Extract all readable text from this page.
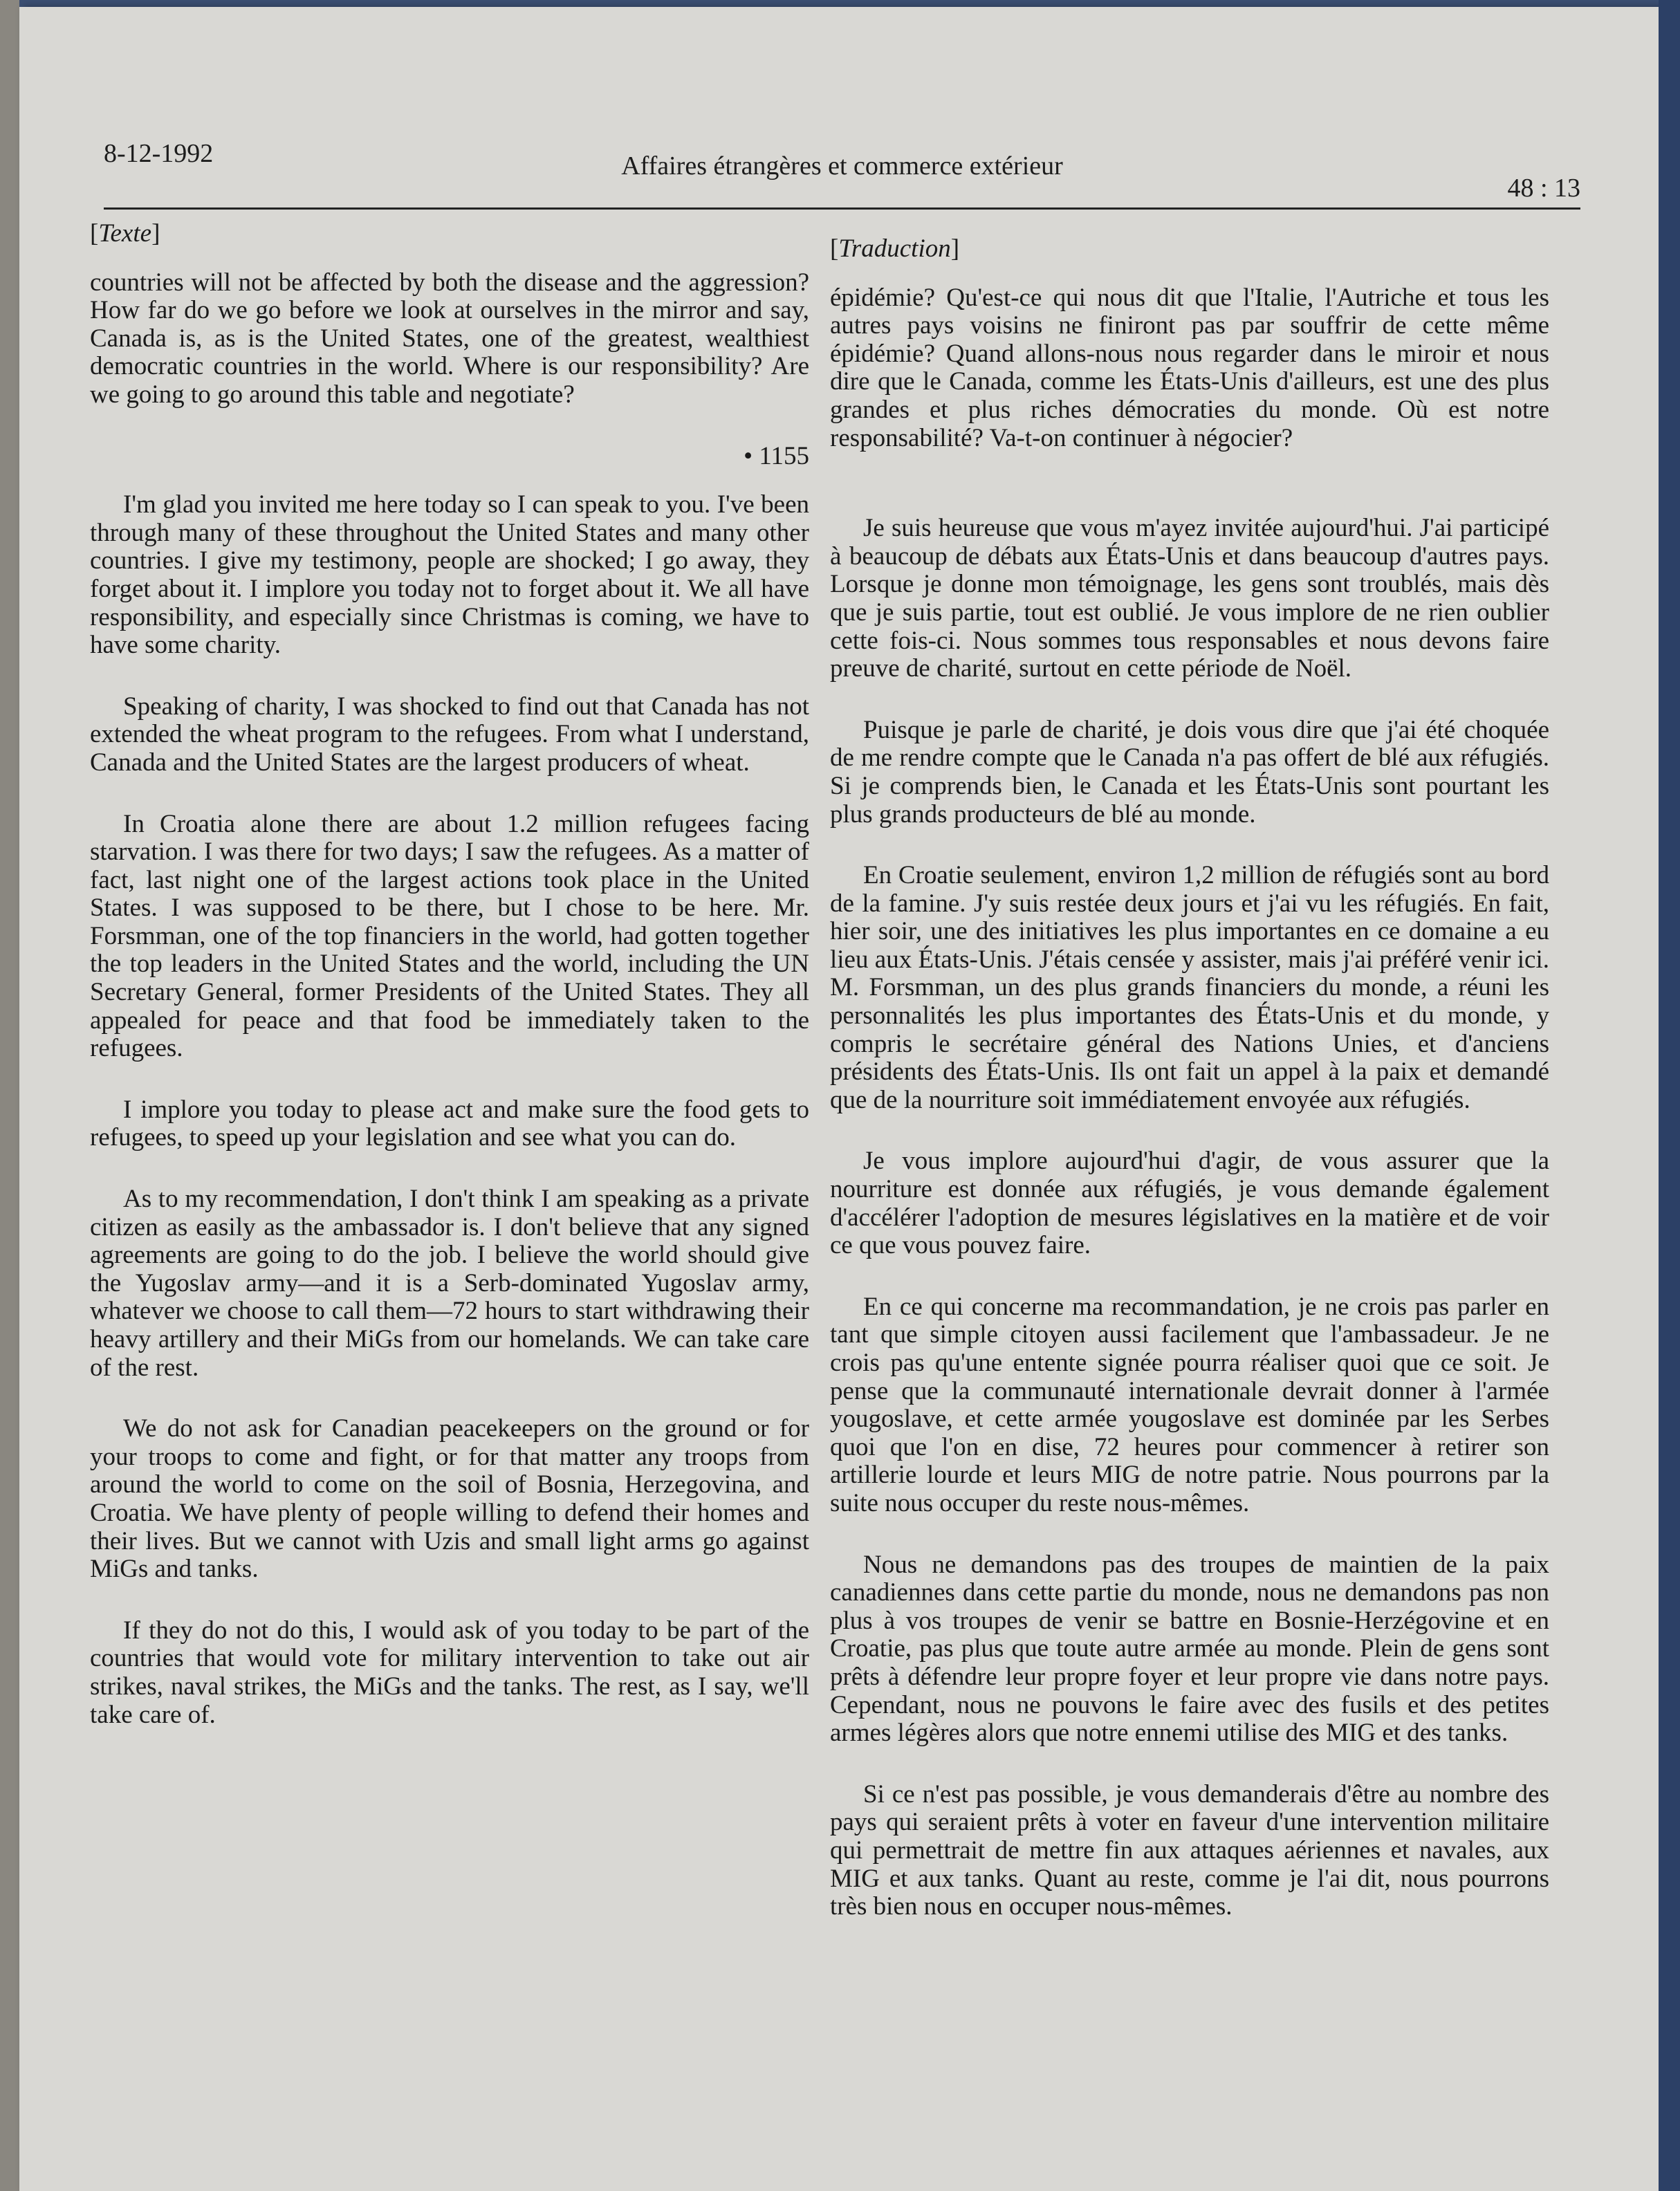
8-12-1992	Affaires étrangères et commerce extérieur
48 : 13
[Texte]

countries will not be affected by both the disease and the aggression? How far do we go before we look at ourselves in the mirror and say, Canada is, as is the United States, one of the greatest, wealthiest democratic countries in the world. Where is our responsibility? Are we going to go around this table and negotiate?

• 1155

I'm glad you invited me here today so I can speak to you. I've been through many of these throughout the United States and many other countries. I give my testimony, people are shocked; I go away, they forget about it. I implore you today not to forget about it. We all have responsibility, and especially since Christmas is coming, we have to have some charity.

Speaking of charity, I was shocked to find out that Canada has not extended the wheat program to the refugees. From what I understand, Canada and the United States are the largest producers of wheat.

In Croatia alone there are about 1.2 million refugees facing starvation. I was there for two days; I saw the refugees. As a matter of fact, last night one of the largest actions took place in the United States. I was supposed to be there, but I chose to be here. Mr. Forsmman, one of the top financiers in the world, had gotten together the top leaders in the United States and the world, including the UN Secretary General, former Presidents of the United States. They all appealed for peace and that food be immediately taken to the refugees.

I implore you today to please act and make sure the food gets to refugees, to speed up your legislation and see what you can do.

As to my recommendation, I don't think I am speaking as a private citizen as easily as the ambassador is. I don't believe that any signed agreements are going to do the job. I believe the world should give the Yugoslav army—and it is a Serb-dominated Yugoslav army, whatever we choose to call them—72 hours to start withdrawing their heavy artillery and their MiGs from our homelands. We can take care of the rest.

We do not ask for Canadian peacekeepers on the ground or for your troops to come and fight, or for that matter any troops from around the world to come on the soil of Bosnia, Herzegovina, and Croatia. We have plenty of people willing to defend their homes and their lives. But we cannot with Uzis and small light arms go against MiGs and tanks.

If they do not do this, I would ask of you today to be part of the countries that would vote for military intervention to take out air strikes, naval strikes, the MiGs and the tanks. The rest, as I say, we'll take care of.

[Traduction]

épidémie? Qu'est-ce qui nous dit que l'Italie, l'Autriche et tous les autres pays voisins ne finiront pas par souffrir de cette même épidémie? Quand allons-nous nous regarder dans le miroir et nous dire que le Canada, comme les États-Unis d'ailleurs, est une des plus grandes et plus riches démocraties du monde. Où est notre responsabilité? Va-t-on continuer à négocier?

Je suis heureuse que vous m'ayez invitée aujourd'hui. J'ai participé à beaucoup de débats aux États-Unis et dans beaucoup d'autres pays. Lorsque je donne mon témoignage, les gens sont troublés, mais dès que je suis partie, tout est oublié. Je vous implore de ne rien oublier cette fois-ci. Nous sommes tous responsables et nous devons faire preuve de charité, surtout en cette période de Noël.

Puisque je parle de charité, je dois vous dire que j'ai été choquée de me rendre compte que le Canada n'a pas offert de blé aux réfugiés. Si je comprends bien, le Canada et les États-Unis sont pourtant les plus grands producteurs de blé au monde.

En Croatie seulement, environ 1,2 million de réfugiés sont au bord de la famine. J'y suis restée deux jours et j'ai vu les réfugiés. En fait, hier soir, une des initiatives les plus importantes en ce domaine a eu lieu aux États-Unis. J'étais censée y assister, mais j'ai préféré venir ici. M. Forsmman, un des plus grands financiers du monde, a réuni les personnalités les plus importantes des États-Unis et du monde, y compris le secrétaire général des Nations Unies, et d'anciens présidents des États-Unis. Ils ont fait un appel à la paix et demandé que de la nourriture soit immédiatement envoyée aux réfugiés.

Je vous implore aujourd'hui d'agir, de vous assurer que la nourriture est donnée aux réfugiés, je vous demande également d'accélérer l'adoption de mesures législatives en la matière et de voir ce que vous pouvez faire.

En ce qui concerne ma recommandation, je ne crois pas parler en tant que simple citoyen aussi facilement que l'ambassadeur. Je ne crois pas qu'une entente signée pourra réaliser quoi que ce soit. Je pense que la communauté internationale devrait donner à l'armée yougoslave, et cette armée yougoslave est dominée par les Serbes quoi que l'on en dise, 72 heures pour commencer à retirer son artillerie lourde et leurs MIG de notre patrie. Nous pourrons par la suite nous occuper du reste nous-mêmes.

Nous ne demandons pas des troupes de maintien de la paix canadiennes dans cette partie du monde, nous ne demandons pas non plus à vos troupes de venir se battre en Bosnie-Herzégovine et en Croatie, pas plus que toute autre armée au monde. Plein de gens sont prêts à défendre leur propre foyer et leur propre vie dans notre pays. Cependant, nous ne pouvons le faire avec des fusils et des petites armes légères alors que notre ennemi utilise des MIG et des tanks.

Si ce n'est pas possible, je vous demanderais d'être au nombre des pays qui seraient prêts à voter en faveur d'une intervention militaire qui permettrait de mettre fin aux attaques aériennes et navales, aux MIG et aux tanks. Quant au reste, comme je l'ai dit, nous pourrons très bien nous en occuper nous-mêmes.
